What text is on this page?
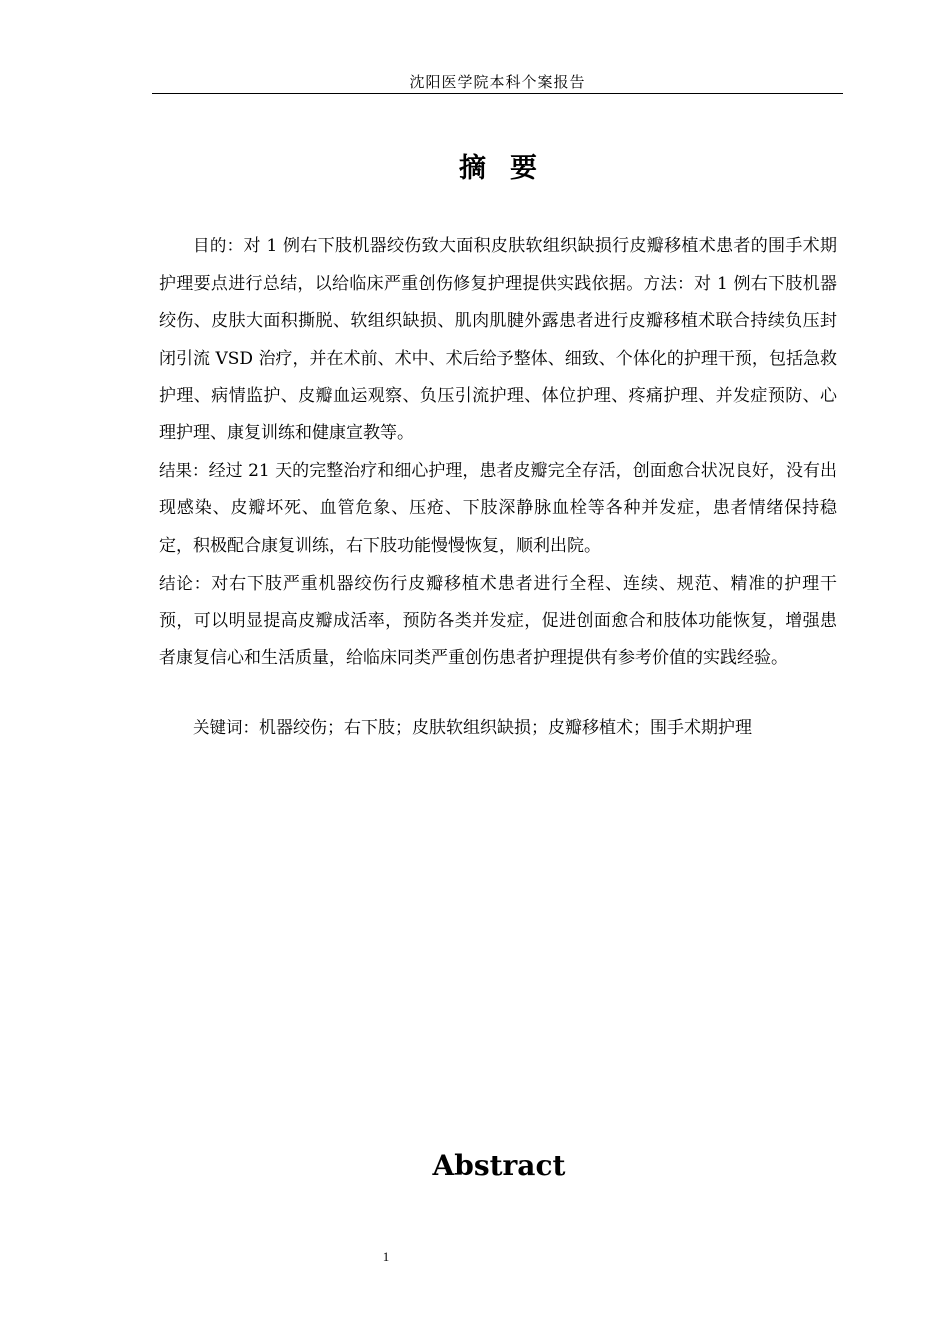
沈阳医学院本科个案报告
摘 要

目的：对 1 例右下肢机器绞伤致大面积皮肤软组织缺损行皮瓣移植术患者的围手术期护理要点进行总结，以给临床严重创伤修复护理提供实践依据。方法：对 1 例右下肢机器绞伤、皮肤大面积撕脱、软组织缺损、肌肉肌腱外露患者进行皮瓣移植术联合持续负压封闭引流 VSD 治疗，并在术前、术中、术后给予整体、细致、个体化的护理干预，包括急救护理、病情监护、皮瓣血运观察、负压引流护理、体位护理、疼痛护理、并发症预防、心理护理、康复训练和健康宣教等。

结果：经过 21 天的完整治疗和细心护理，患者皮瓣完全存活，创面愈合状况良好，没有出现感染、皮瓣坏死、血管危象、压疮、下肢深静脉血栓等各种并发症，患者情绪保持稳定，积极配合康复训练，右下肢功能慢慢恢复，顺利出院。

结论：对右下肢严重机器绞伤行皮瓣移植术患者进行全程、连续、规范、精准的护理干预，可以明显提高皮瓣成活率，预防各类并发症，促进创面愈合和肢体功能恢复，增强患者康复信心和生活质量，给临床同类严重创伤患者护理提供有参考价值的实践经验。

关键词：机器绞伤；右下肢；皮肤软组织缺损；皮瓣移植术；围手术期护理
Abstract
1
